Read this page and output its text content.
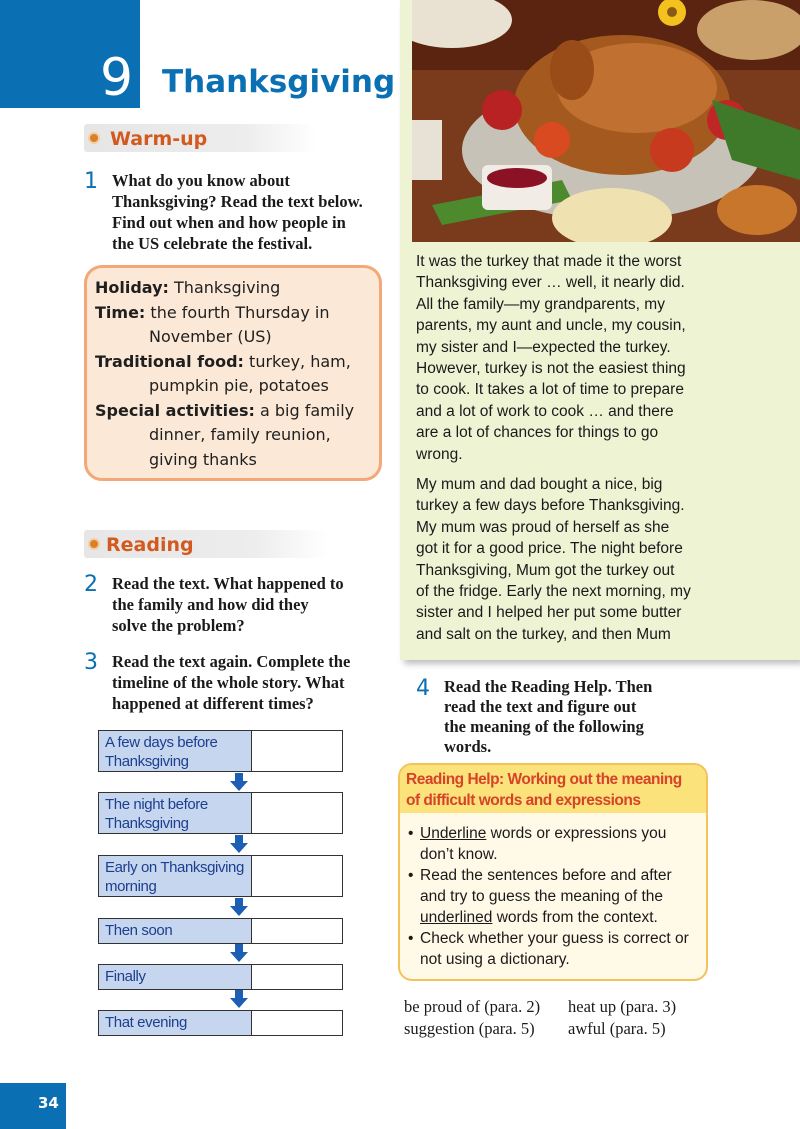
9 Thanksgiving
It was the turkey that made it the worst
Thanksgiving ever … well, it nearly did.
All the family—my grandparents, my
parents, my aunt and uncle, my cousin,
my sister and I—expected the turkey.
However, turkey is not the easiest thing
to cook. It takes a lot of time to prepare
and a lot of work to cook … and there
are a lot of chances for things to go
wrong.
My mum and dad bought a nice, big
turkey a few days before Thanksgiving.
My mum was proud of herself as she
got it for a good price. The night before
Thanksgiving, Mum got the turkey out
of the fridge. Early the next morning, my
sister and I helped her put some butter
and salt on the turkey, and then Mum
Warm-up
1 What do you know about
Thanksgiving? Read the text below.
Find out when and how people in
the US celebrate the festival.
Holiday: Thanksgiving
Time: the fourth Thursday in
November (US)
Traditional food: turkey, ham,
pumpkin pie, potatoes
Special activities: a big family
dinner, family reunion,
giving thanks
Reading
2 Read the text. What happened to
the family and how did they
solve the problem?
3 Read the text again. Complete the
timeline of the whole story. What
happened at different times?
A few days before
Thanksgiving
The night before
Thanksgiving
Early on Thanksgiving
morning
Then soon
Finally
That evening
4 Read the Reading Help. Then
read the text and figure out
the meaning of the following
words.
Reading Help: Working out the meaning
of difficult words and expressions
• Underline words or expressions you
don’t know.
• Read the sentences before and after
and try to guess the meaning of the
underlined words from the context.
• Check whether your guess is correct or
not using a dictionary.
be proud of (para. 2) heat up (para. 3)
suggestion (para. 5) awful (para. 5)
34
